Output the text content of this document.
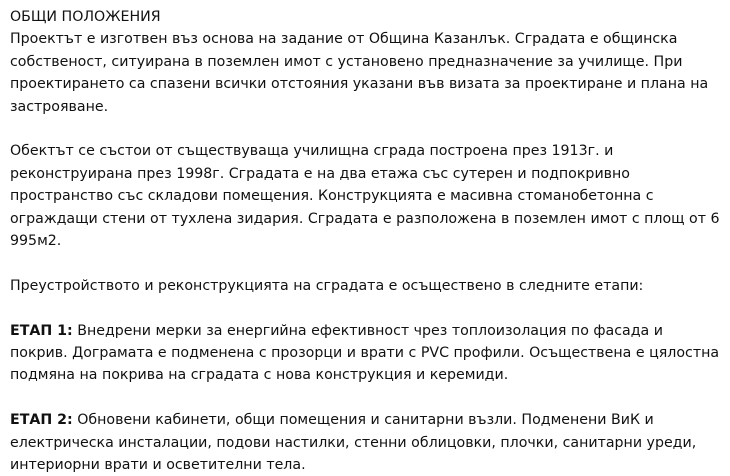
ОБЩИ ПОЛОЖЕНИЯ

Проектът е изготвен въз основа на задание от Община Казанлък. Сградата е общинска собственост, ситуирана в поземлен имот с установено предназначение за училище. При проектирането са спазени всички отстояния указани във визата за проектиране и плана на застрояване.

Обектът се състои от съществуваща училищна сграда построена през 1913г. и реконструирана през 1998г. Сградата е на два етажа със сутерен и подпокривно пространство със складови помещения. Конструкцията е масивна стоманобетонна с ограждащи стени от тухлена зидария. Сградата е разположена в поземлен имот с площ от 6 995м2.

Преустройството и реконструкцията на сградата е осъществено в следните етапи:

ЕТАП 1: Внедрени мерки за енергийна ефективност чрез топлоизолация по фасада и покрив. Дограмата е подменена с прозорци и врати с PVC профили. Осъществена е цялостна подмяна на покрива на сградата с нова конструкция и керемиди.

ЕТАП 2: Обновени кабинети, общи помещения и санитарни възли. Подменени ВиК и електрическа инсталации, подови настилки, стенни облицовки, плочки, санитарни уреди, интериорни врати и осветителни тела.
